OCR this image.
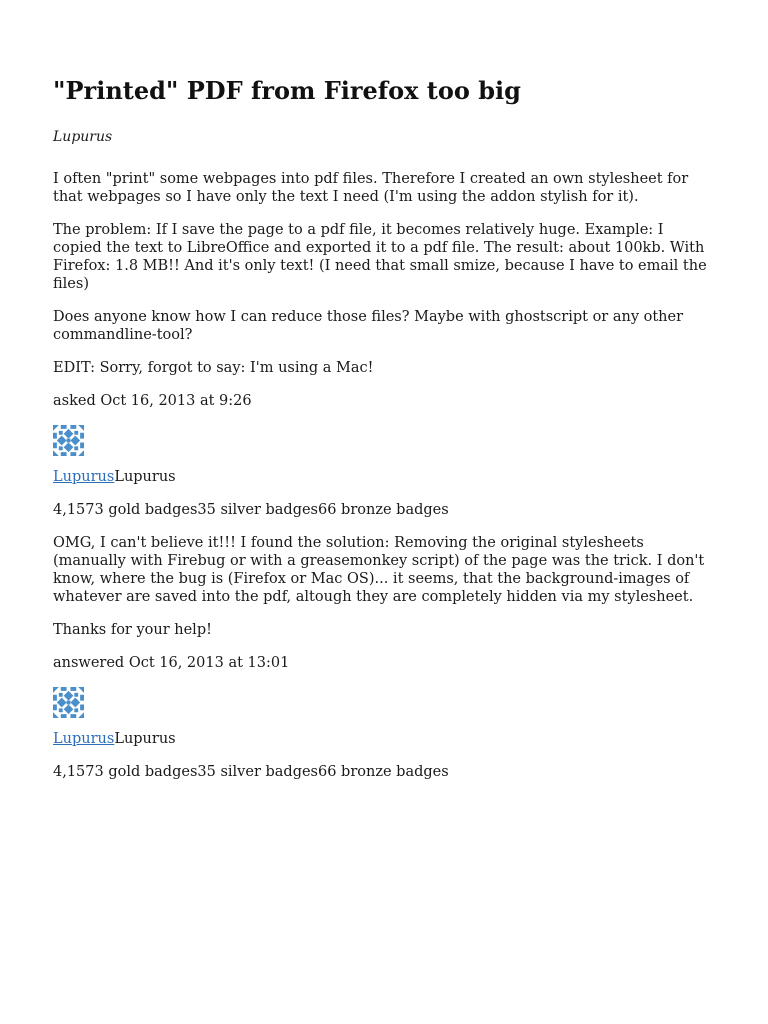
"Printed" PDF from Firefox too big
Lupurus

I often "print" some webpages into pdf files. Therefore I created an own stylesheet for that webpages so I have only the text I need (I'm using the addon stylish for it).

The problem: If I save the page to a pdf file, it becomes relatively huge. Example: I copied the text to LibreOffice and exported it to a pdf file. The result: about 100kb. With Firefox: 1.8 MB!! And it's only text! (I need that small smize, because I have to email the files)

Does anyone know how I can reduce those files? Maybe with ghostscript or any other commandline-tool?

EDIT: Sorry, forgot to say: I'm using a Mac!

asked Oct 16, 2013 at 9:26
LupurusLupurus
4,1573 gold badges35 silver badges66 bronze badges

OMG, I can't believe it!!! I found the solution: Removing the original stylesheets (manually with Firebug or with a greasemonkey script) of the page was the trick. I don't know, where the bug is (Firefox or Mac OS)... it seems, that the background-images of whatever are saved into the pdf, altough they are completely hidden via my stylesheet.

Thanks for your help!

answered Oct 16, 2013 at 13:01
LupurusLupurus
4,1573 gold badges35 silver badges66 bronze badges
